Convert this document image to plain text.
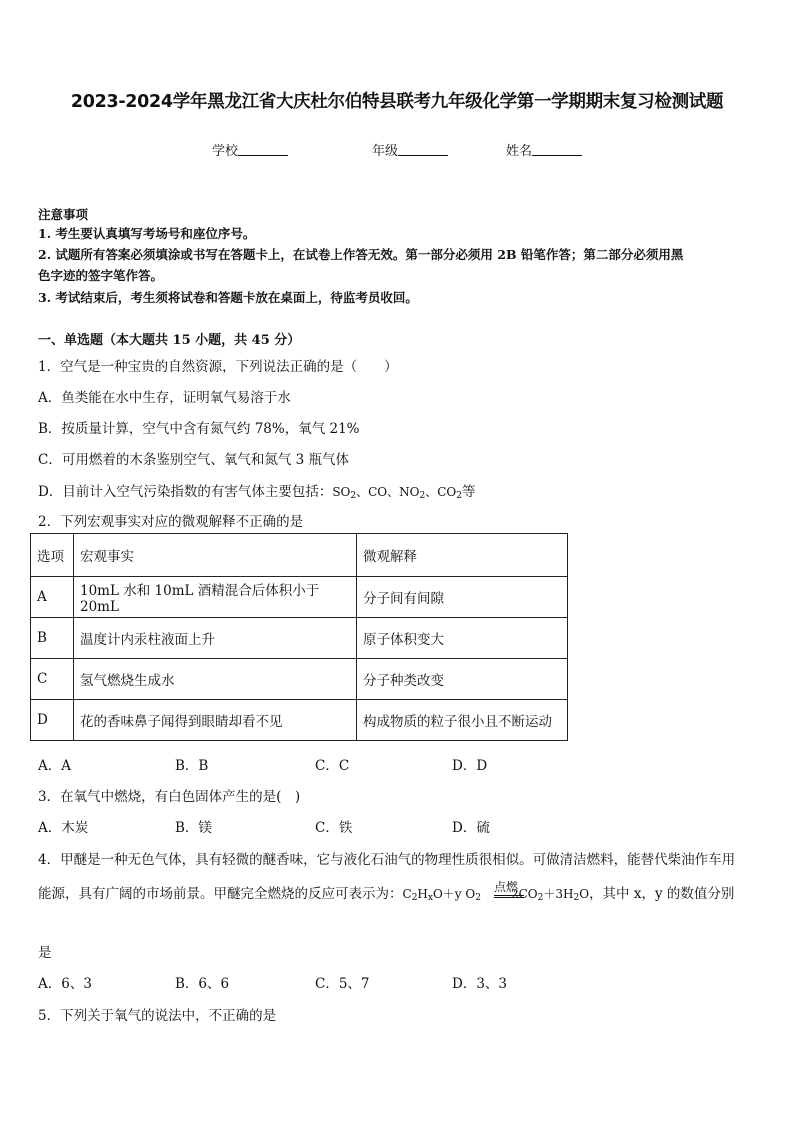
2023-2024学年黑龙江省大庆杜尔伯特县联考九年级化学第一学期期末复习检测试题
学校	年级	姓名
注意事项
1. 考生要认真填写考场号和座位序号。
2. 试题所有答案必须填涂或书写在答题卡上，在试卷上作答无效。第一部分必须用 2B 铅笔作答；第二部分必须用黑
色字迹的签字笔作答。
3. 考试结束后，考生须将试卷和答题卡放在桌面上，待监考员收回。
一、单选题（本大题共 15 小题，共 45 分）
1．空气是一种宝贵的自然资源，下列说法正确的是（　　）
A．鱼类能在水中生存，证明氧气易溶于水
B．按质量计算，空气中含有氮气约 78%，氧气 21%
C．可用燃着的木条鉴别空气、氧气和氮气 3 瓶气体
D．目前计入空气污染指数的有害气体主要包括：$SO_2$、CO、$NO_2$、$CO_2$等
2．下列宏观事实对应的微观解释不正确的是
选项	宏观事实	微观解释
A	10mL 水和 10mL 酒精混合后体积小于 20mL	分子间有间隙
B	温度计内汞柱液面上升	原子体积变大
C	氢气燃烧生成水	分子种类改变
D	花的香味鼻子闻得到眼睛却看不见	构成物质的粒子很小且不断运动
A．A	B．B	C．C	D．D
3．在氧气中燃烧，有白色固体产生的是(　)
A．木炭	B．镁	C．铁	D．硫
4．甲醚是一种无色气体，具有轻微的醚香味，它与液化石油气的物理性质很相似。可做清洁燃料，能替代柴油作车用
点燃
能源，具有广阔的市场前景。甲醚完全燃烧的反应可表示为：$C_2H_xO+y$ $O_2$	$2CO_2+3H_2O$，其中 x，y 的数值分别
是
A．6、3	B．6、6	C．5、7	D．3、3
5．下列关于氧气的说法中，不正确的是
